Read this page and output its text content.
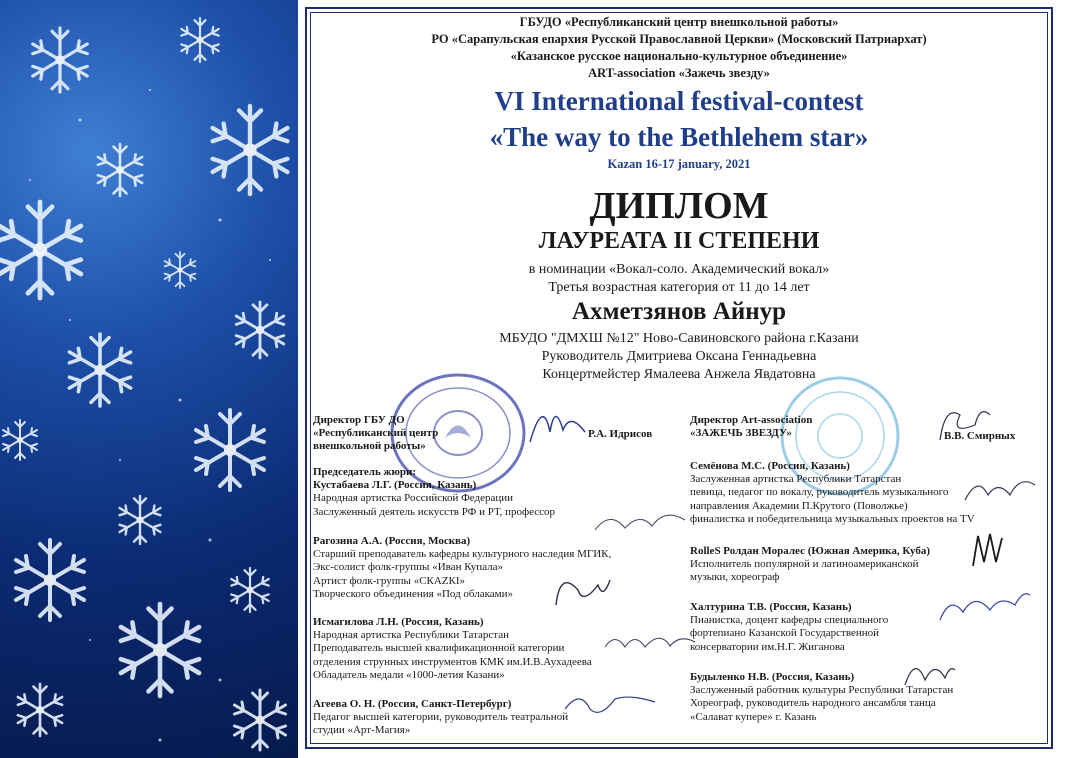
ГБУДО «Республиканский центр внешкольной работы»
РО «Сарапульская епархия Русской Православной Церкви» (Московский Патриархат)
«Казанское русское национально-культурное объединение»
ART-association «Зажечь звезду»
VI International festival-contest
«The way to the Bethlehem star»
Kazan 16-17 january, 2021
ДИПЛОМ
ЛАУРЕАТА II СТЕПЕНИ
в номинации «Вокал-соло. Академический вокал»
Третья возрастная категория от 11 до 14 лет
Ахметзянов Айнур
МБУДО "ДМХШ №12" Ново-Савиновского района г.Казани
Руководитель Дмитриева Оксана Геннадьевна
Концертмейстер Ямалеева Анжела Явдатовна
Директор ГБУ ДО
«Республиканский центр
внешкольной работы»
Р.А. Идрисов
Председатель жюри:
Кустабаева Л.Г. (Россия, Казань)
Народная артистка Российской Федерации
Заслуженный деятель искусств РФ и РТ, профессор
Рагозина А.А. (Россия, Москва)
Старший преподаватель кафедры культурного наследия МГИК,
Экс-солист фолк-группы «Иван Купала»
Артист фолк-группы «СКАZКI»
Творческого объединения «Под облаками»
Исмагилова Л.Н. (Россия, Казань)
Народная артистка Республики Татарстан
Преподаватель высшей квалификационной категории
отделения струнных инструментов КМК им.И.В.Аухадеева
Обладатель медали «1000-летия Казани»
Агеева О. Н. (Россия, Санкт-Петербург)
Педагог высшей категории, руководитель театральной
студии «Арт-Магия»
Директор Art-association
«ЗАЖЕЧЬ ЗВЕЗДУ»	В.В. Смирных
Семёнова М.С. (Россия, Казань)
Заслуженная артистка Республики Татарстан
певица, педагог по вокалу, руководитель музыкального
направления Академии П.Крутого (Поволжье)
финалистка и победительница музыкальных проектов на TV
RolleS Ролдан Моралес (Южная Америка, Куба)
Исполнитель популярной и латиноамериканской
музыки, хореограф
Халтурина Т.В. (Россия, Казань)
Пианистка, доцент кафедры специального
фортепиано Казанской Государственной
консерватории им.Н.Г. Жиганова
Будыленко Н.В. (Россия, Казань)
Заслуженный работник культуры Республики Татарстан
Хореограф, руководитель народного ансамбля танца
«Салават купере» г. Казань
